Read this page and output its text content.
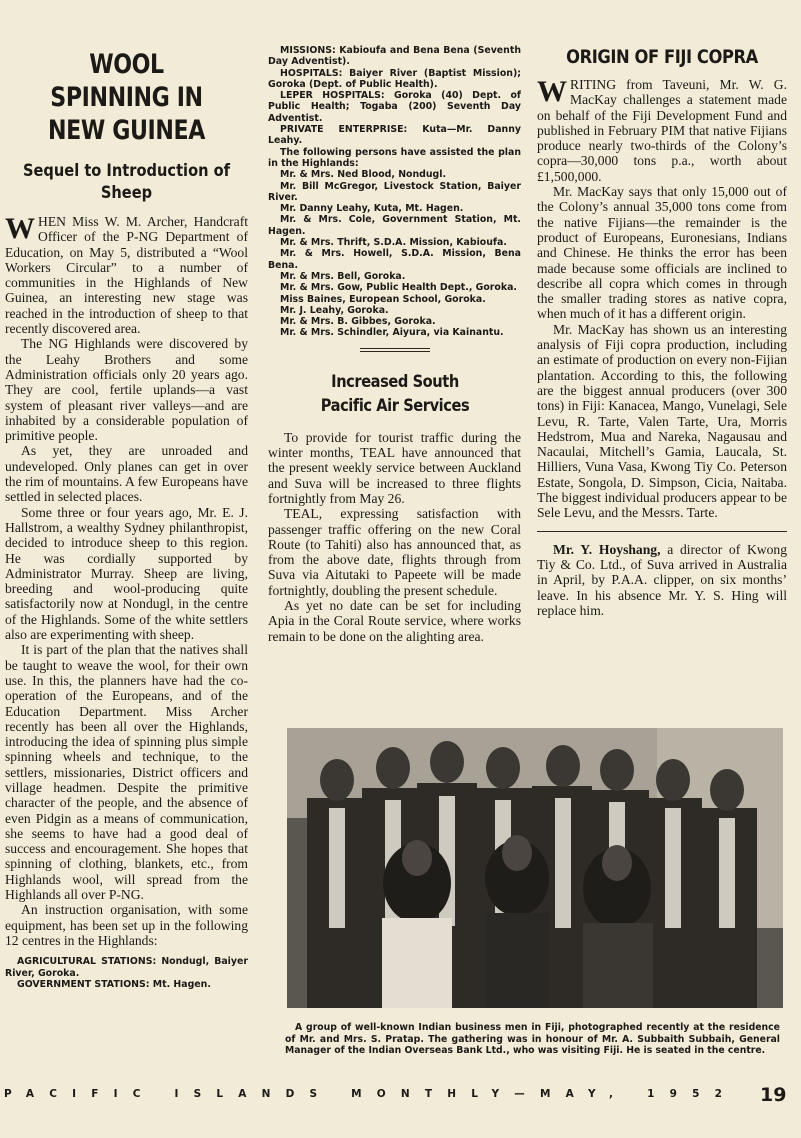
WOOL SPINNING IN
NEW GUINEA
Sequel to Introduction of Sheep

WHEN Miss W. M. Archer, Handcraft Officer of the P-NG Department of Education, on May 5, distributed a “Wool Workers Circular” to a number of communities in the Highlands of New Guinea, an interesting new stage was reached in the introduction of sheep to that recently discovered area.

The NG Highlands were discovered by the Leahy Brothers and some Administration officials only 20 years ago. They are cool, fertile uplands—a vast system of pleasant river valleys—and are inhabited by a considerable population of primitive people.

As yet, they are unroaded and undeveloped. Only planes can get in over the rim of mountains. A few Europeans have settled in selected places.

Some three or four years ago, Mr. E. J. Hallstrom, a wealthy Sydney philanthropist, decided to introduce sheep to this region. He was cordially supported by Administrator Murray. Sheep are living, breeding and wool-producing quite satisfactorily now at Nondugl, in the centre of the Highlands. Some of the white settlers also are experimenting with sheep.

It is part of the plan that the natives shall be taught to weave the wool, for their own use. In this, the planners have had the co-operation of the Europeans, and of the Education Department. Miss Archer recently has been all over the Highlands, introducing the idea of spinning plus simple spinning wheels and technique, to the settlers, missionaries, District officers and village headmen. Despite the primitive character of the people, and the absence of even Pidgin as a means of communication, she seems to have had a good deal of success and encouragement. She hopes that spinning of clothing, blankets, etc., from Highlands wool, will spread from the Highlands all over P-NG.

An instruction organisation, with some equipment, has been set up in the following 12 centres in the Highlands:

AGRICULTURAL STATIONS: Nondugl, Baiyer River, Goroka.

GOVERNMENT STATIONS: Mt. Hagen.

MISSIONS: Kabioufa and Bena Bena (Seventh Day Adventist).

HOSPITALS: Baiyer River (Baptist Mission); Goroka (Dept. of Public Health).

LEPER HOSPITALS: Goroka (40) Dept. of Public Health; Togaba (200) Seventh Day Adventist.

PRIVATE ENTERPRISE: Kuta—Mr. Danny Leahy.

The following persons have assisted the plan in the Highlands:

Mr. & Mrs. Ned Blood, Nondugl.

Mr. Bill McGregor, Livestock Station, Baiyer River.

Mr. Danny Leahy, Kuta, Mt. Hagen.

Mr. & Mrs. Cole, Government Station, Mt. Hagen.

Mr. & Mrs. Thrift, S.D.A. Mission, Kabioufa.

Mr. & Mrs. Howell, S.D.A. Mission, Bena Bena.

Mr. & Mrs. Bell, Goroka.

Mr. & Mrs. Gow, Public Health Dept., Goroka.

Miss Baines, European School, Goroka.

Mr. J. Leahy, Goroka.

Mr. & Mrs. B. Gibbes, Goroka.

Mr. & Mrs. Schindler, Aiyura, via Kainantu.

Increased South Pacific Air Services

To provide for tourist traffic during the winter months, TEAL have announced that the present weekly service between Auckland and Suva will be increased to three flights fortnightly from May 26.

TEAL, expressing satisfaction with passenger traffic offering on the new Coral Route (to Tahiti) also has announced that, as from the above date, flights through from Suva via Aitutaki to Papeete will be made fortnightly, doubling the present schedule.

As yet no date can be set for including Apia in the Coral Route service, where works remain to be done on the alighting area.

ORIGIN OF FIJI COPRA

WRITING from Taveuni, Mr. W. G. MacKay challenges a statement made on behalf of the Fiji Development Fund and published in February PIM that native Fijians produce nearly two-thirds of the Colony’s copra—30,000 tons p.a., worth about £1,500,000.

Mr. MacKay says that only 15,000 out of the Colony’s annual 35,000 tons come from the native Fijians—the remainder is the product of Europeans, Euronesians, Indians and Chinese. He thinks the error has been made because some officials are inclined to describe all copra which comes in through the smaller trading stores as native copra, when much of it has a different origin.

Mr. MacKay has shown us an interesting analysis of Fiji copra production, including an estimate of production on every non-Fijian plantation. According to this, the following are the biggest annual producers (over 300 tons) in Fiji: Kanacea, Mango, Vunelagi, Sele Levu, R. Tarte, Valen Tarte, Ura, Morris Hedstrom, Mua and Nareka, Nagausau and Nacaulai, Mitchell’s Gamia, Laucala, St. Hilliers, Vuna Vasa, Kwong Tiy Co. Peterson Estate, Songola, D. Simpson, Cicia, Naitaba. The biggest individual producers appear to be Sele Levu, and the Messrs. Tarte.

Mr. Y. Hoyshang, a director of Kwong Tiy & Co. Ltd., of Suva arrived in Australia in April, by P.A.A. clipper, on six months’ leave. In his absence Mr. Y. S. Hing will replace him.

A group of well-known Indian business men in Fiji, photographed recently at the residence of Mr. and Mrs. S. Pratap. The gathering was in honour of Mr. A. Subbaith Subbaih, General Manager of the Indian Overseas Bank Ltd., who was visiting Fiji. He is seated in the centre.

PACIFIC ISLANDS MONTHLY—MAY, 1952 19
